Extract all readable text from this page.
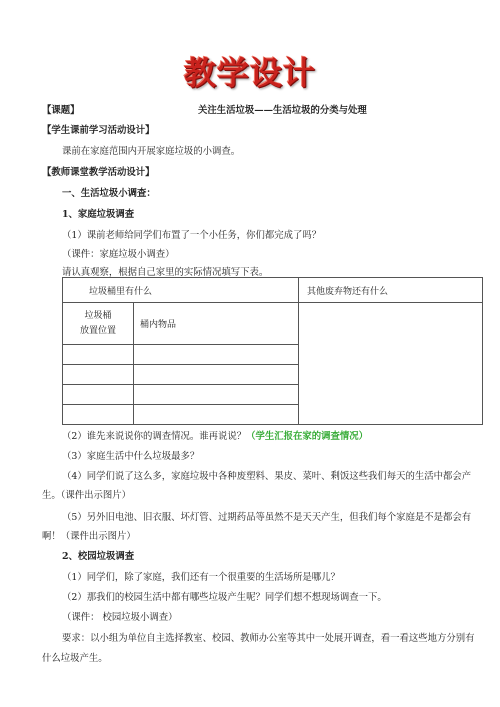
教学设计
【课题】	关注生活垃圾——生活垃圾的分类与处理
【学生课前学习活动设计】
课前在家庭范围内开展家庭垃圾的小调查。
【教师课堂教学活动设计】
一、生活垃圾小调查：
1、家庭垃圾调查
（1）课前老师给同学们布置了一个小任务，你们都完成了吗？
（课件：家庭垃圾小调查）
请认真观察，根据自己家里的实际情况填写下表。
垃圾桶里有什么		其他废弃物还有什么

垃圾桶
放置位置	桶内物品	

（2）谁先来说说你的调查情况。谁再说说？（学生汇报在家的调查情况）
（3）家庭生活中什么垃圾最多？
（4）同学们说了这么多，家庭垃圾中各种废塑料、果皮、菜叶、剩饭这些我们每天的生活中都会产
生。（课件出示图片）
（5）另外旧电池、旧衣服、坏灯管、过期药品等虽然不是天天产生，但我们每个家庭是不是都会有
啊！（课件出示图片）
2、校园垃圾调查
（1）同学们，除了家庭，我们还有一个很重要的生活场所是哪儿？
（2）那我们的校园生活中都有哪些垃圾产生呢？同学们想不想现场调查一下。
（课件： 校园垃圾小调查）
要求：以小组为单位自主选择教室、校园、教师办公室等其中一处展开调查，看一看这些地方分别有
什么垃圾产生。
